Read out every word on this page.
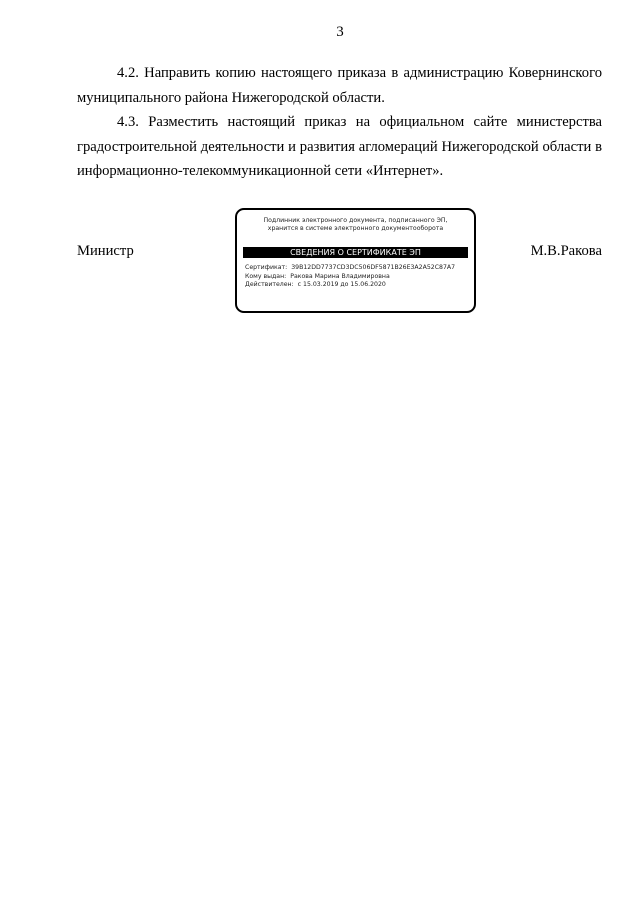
3
4.2. Направить копию настоящего приказа в администрацию Ковернинского муниципального района Нижегородской области.
4.3. Разместить настоящий приказ на официальном сайте министерства градостроительной деятельности и развития агломераций Нижегородской области в информационно-телекоммуникационной сети «Интернет».
Министр	М.В.Ракова
Подлинник электронного документа, подписанного ЭП,
хранится в системе электронного документооборота
СВЕДЕНИЯ О СЕРТИФИКАТЕ ЭП
Сертификат: 39B12DD7737CD3DC506DF5871B26E3A2A52C87A7
Кому выдан: Ракова Марина Владимировна
Действителен: с 15.03.2019 до 15.06.2020
